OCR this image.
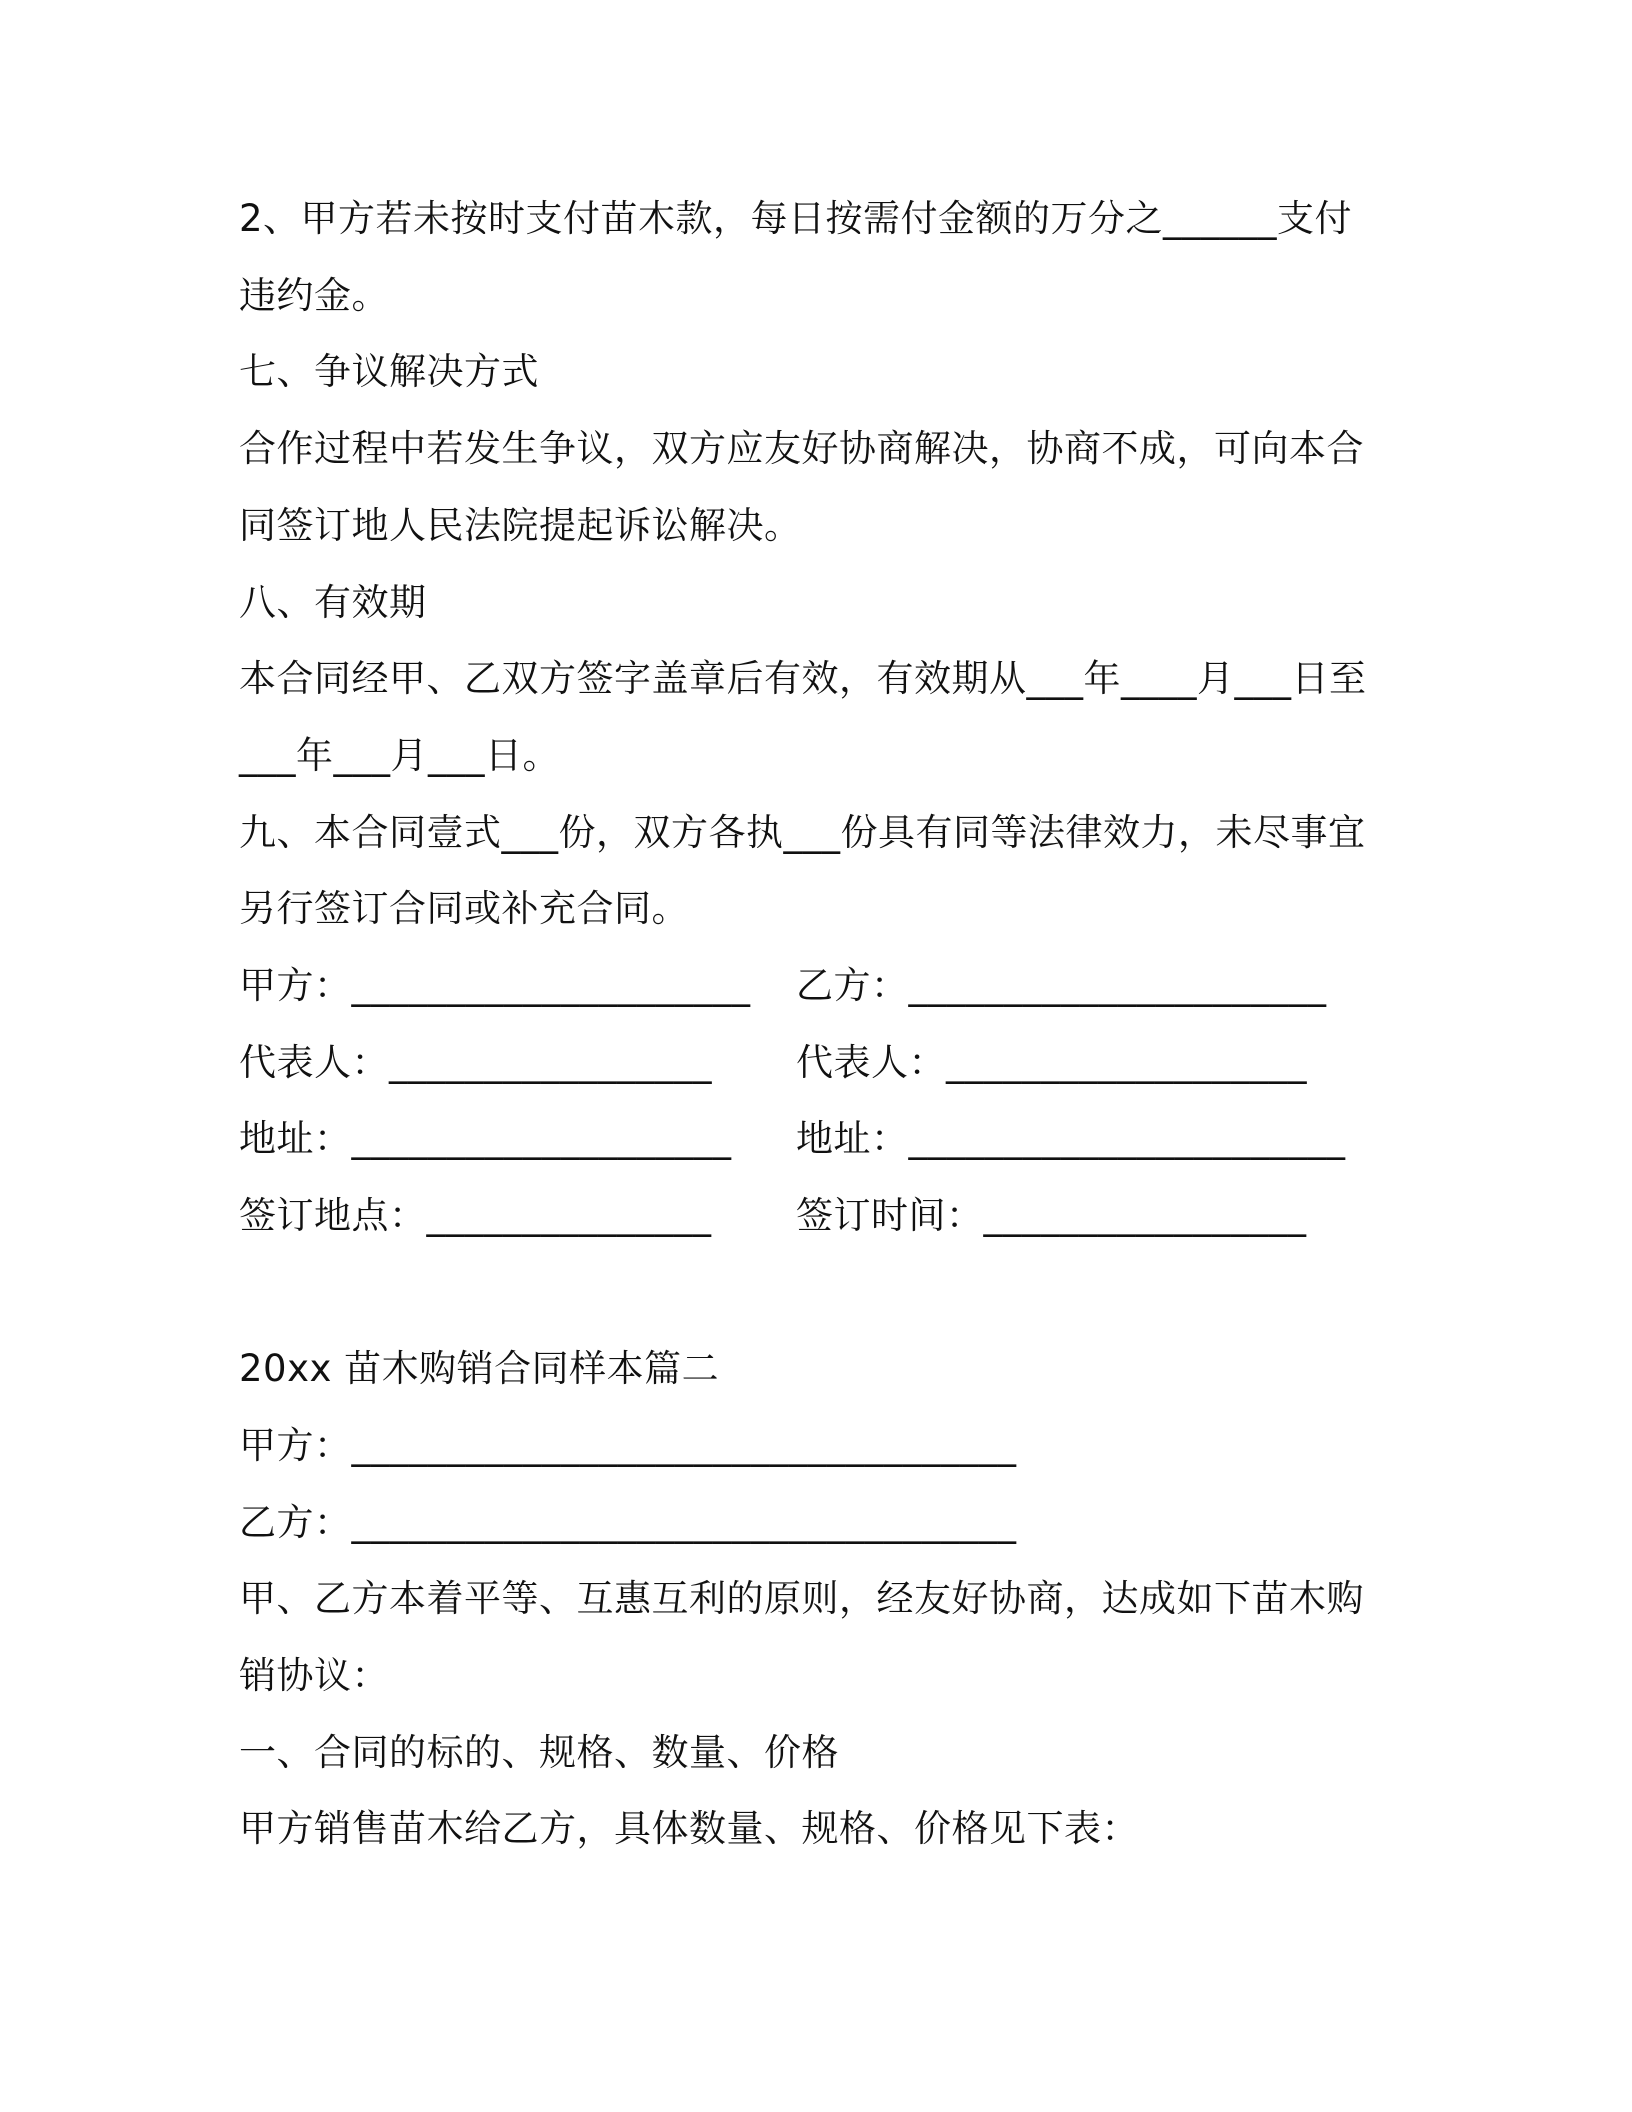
2、甲方若未按时支付苗木款，每日按需付金额的万分之______支付
违约金。
七、争议解决方式
合作过程中若发生争议，双方应友好协商解决，协商不成，可向本合
同签订地人民法院提起诉讼解决。
八、有效期
本合同经甲、乙双方签字盖章后有效，有效期从___年____月___日至
___年___月___日。
九、本合同壹式___份，双方各执___份具有同等法律效力，未尽事宜
另行签订合同或补充合同。
甲方：_____________________ 乙方：______________________
代表人：_________________ 代表人：___________________
地址：____________________ 地址：_______________________
签订地点：_______________ 签订时间：_________________
20xx 苗木购销合同样本篇二
甲方：___________________________________
乙方：___________________________________
甲、乙方本着平等、互惠互利的原则，经友好协商，达成如下苗木购
销协议：
一、合同的标的、规格、数量、价格
甲方销售苗木给乙方，具体数量、规格、价格见下表：
